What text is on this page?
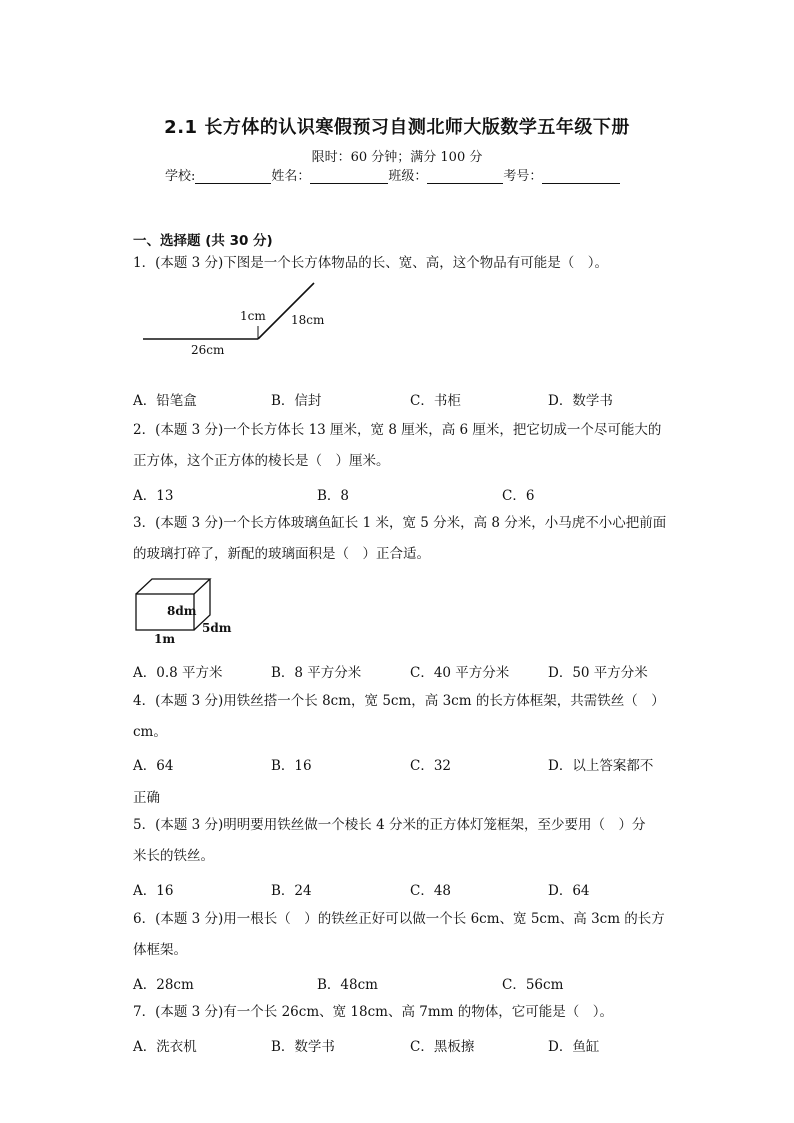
2.1 长方体的认识寒假预习自测北师大版数学五年级下册
限时：60 分钟；满分 100 分
学校:	姓名：	班级：	考号：
一、选择题 (共 30 分)
1．(本题 3 分)下图是一个长方体物品的长、宽、高，这个物品有可能是（　）。
1cm 18cm
26cm
A．铅笔盒	B．信封	C．书柜	D．数学书
2．(本题 3 分)一个长方体长 13 厘米，宽 8 厘米，高 6 厘米，把它切成一个尽可能大的
正方体，这个正方体的棱长是（　）厘米。
A．13	B．8	C．6
3．(本题 3 分)一个长方体玻璃鱼缸长 1 米，宽 5 分米，高 8 分米，小马虎不小心把前面
的玻璃打碎了，新配的玻璃面积是（　）正合适。
8dm
5dm
1m
A．0.8 平方米	B．8 平方分米	C．40 平方分米	D．50 平方分米
4．(本题 3 分)用铁丝搭一个长 8cm，宽 5cm，高 3cm 的长方体框架，共需铁丝（　）
cm。
A．64	B．16	C．32	D．以上答案都不
正确
5．(本题 3 分)明明要用铁丝做一个棱长 4 分米的正方体灯笼框架，至少要用（　）分
米长的铁丝。
A．16	B．24	C．48	D．64
6．(本题 3 分)用一根长（　）的铁丝正好可以做一个长 6cm、宽 5cm、高 3cm 的长方
体框架。
A．28cm	B．48cm	C．56cm
7．(本题 3 分)有一个长 26cm、宽 18cm、高 7mm 的物体，它可能是（　）。
A．洗衣机	B．数学书	C．黑板擦	D．鱼缸
